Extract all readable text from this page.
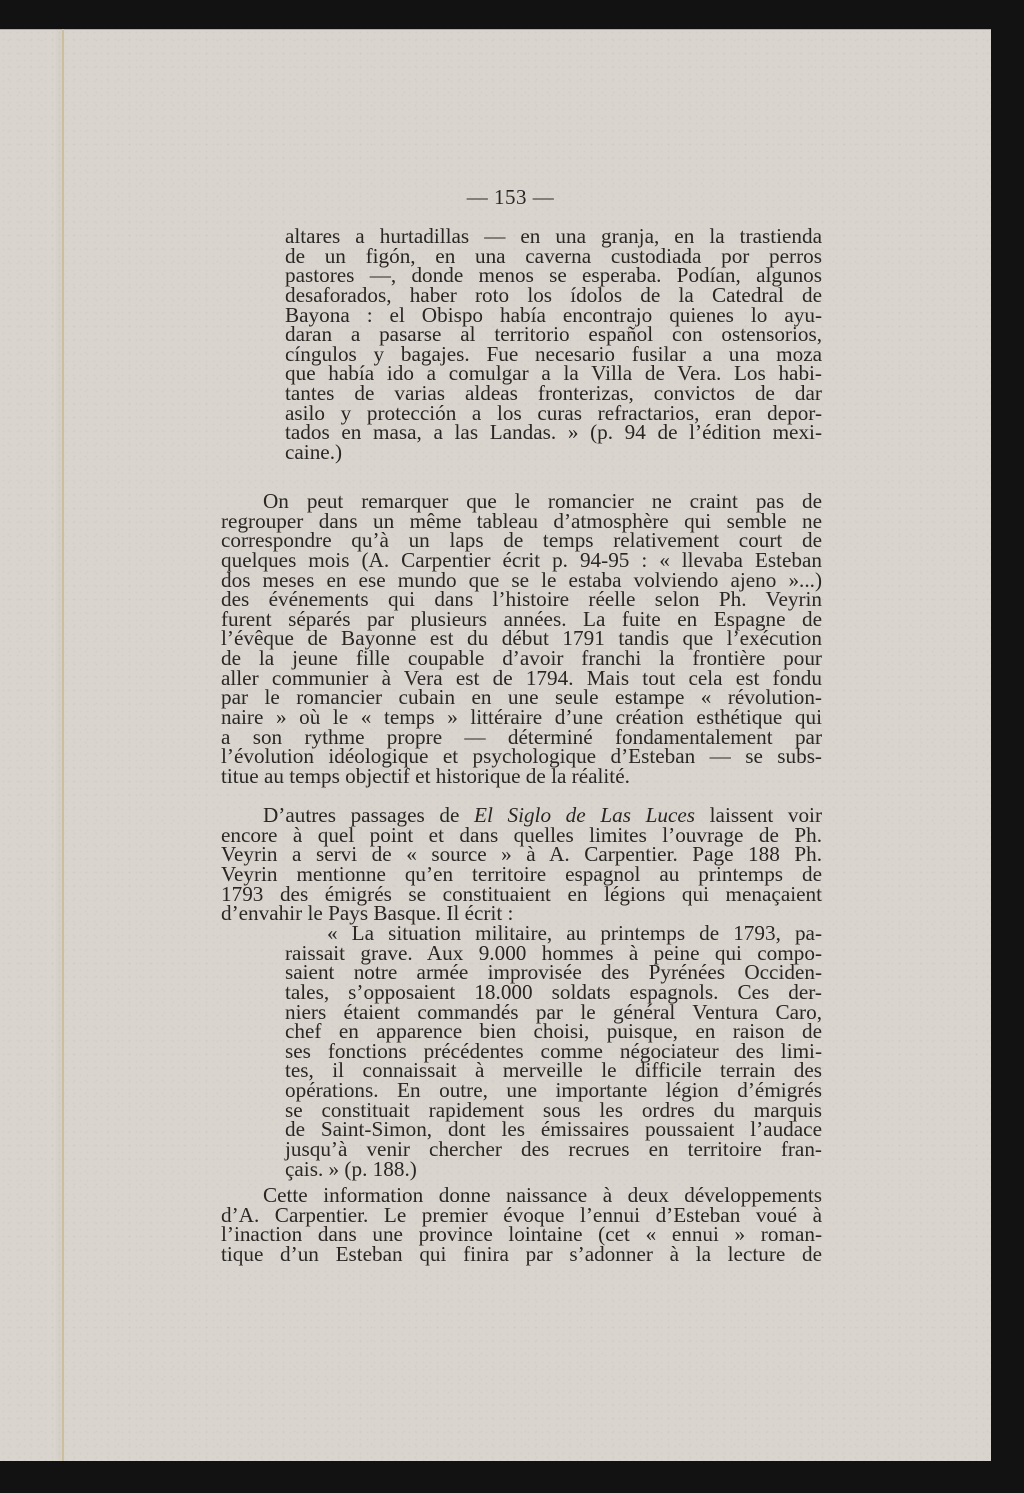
— 153 —
altares a hurtadillas — en una granja, en la trastienda
de un figón, en una caverna custodiada por perros
pastores —, donde menos se esperaba. Podían, algunos
desaforados, haber roto los ídolos de la Catedral de
Bayona : el Obispo había encontrajo quienes lo ayu-
daran a pasarse al territorio español con ostensorios,
cíngulos y bagajes. Fue necesario fusilar a una moza
que había ido a comulgar a la Villa de Vera. Los habi-
tantes de varias aldeas fronterizas, convictos de dar
asilo y protección a los curas refractarios, eran depor-
tados en masa, a las Landas. » (p. 94 de l’édition mexi-
caine.)
On peut remarquer que le romancier ne craint pas de
regrouper dans un même tableau d’atmosphère qui semble ne
correspondre qu’à un laps de temps relativement court de
quelques mois (A. Carpentier écrit p. 94-95 : « llevaba Esteban
dos meses en ese mundo que se le estaba volviendo ajeno »...)
des événements qui dans l’histoire réelle selon Ph. Veyrin
furent séparés par plusieurs années. La fuite en Espagne de
l’évêque de Bayonne est du début 1791 tandis que l’exécution
de la jeune fille coupable d’avoir franchi la frontière pour
aller communier à Vera est de 1794. Mais tout cela est fondu
par le romancier cubain en une seule estampe « révolution-
naire » où le « temps » littéraire d’une création esthétique qui
a son rythme propre — déterminé fondamentalement par
l’évolution idéologique et psychologique d’Esteban — se subs-
titue au temps objectif et historique de la réalité.
D’autres passages de El Siglo de Las Luces laissent voir
encore à quel point et dans quelles limites l’ouvrage de Ph.
Veyrin a servi de « source » à A. Carpentier. Page 188 Ph.
Veyrin mentionne qu’en territoire espagnol au printemps de
1793 des émigrés se constituaient en légions qui menaçaient
d’envahir le Pays Basque. Il écrit :
« La situation militaire, au printemps de 1793, pa-
raissait grave. Aux 9.000 hommes à peine qui compo-
saient notre armée improvisée des Pyrénées Occiden-
tales, s’opposaient 18.000 soldats espagnols. Ces der-
niers étaient commandés par le général Ventura Caro,
chef en apparence bien choisi, puisque, en raison de
ses fonctions précédentes comme négociateur des limi-
tes, il connaissait à merveille le difficile terrain des
opérations. En outre, une importante légion d’émigrés
se constituait rapidement sous les ordres du marquis
de Saint-Simon, dont les émissaires poussaient l’audace
jusqu’à venir chercher des recrues en territoire fran-
çais. » (p. 188.)
Cette information donne naissance à deux développements
d’A. Carpentier. Le premier évoque l’ennui d’Esteban voué à
l’inaction dans une province lointaine (cet « ennui » roman-
tique d’un Esteban qui finira par s’adonner à la lecture de
